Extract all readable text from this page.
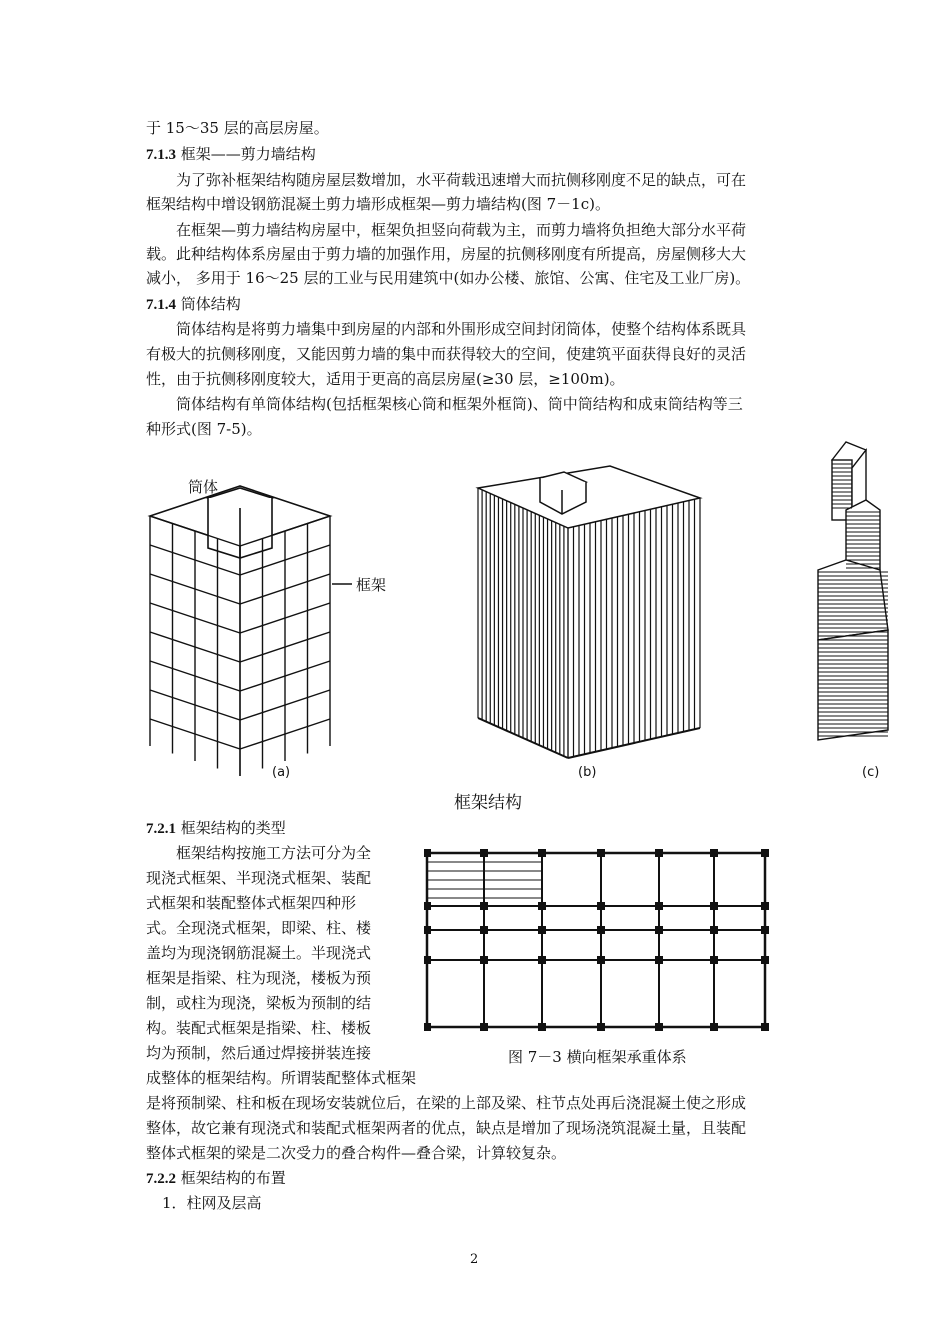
于 15～35 层的高层房屋。
7.1.3 框架——剪力墙结构
为了弥补框架结构随房屋层数增加，水平荷载迅速增大而抗侧移刚度不足的缺点，可在
框架结构中增设钢筋混凝土剪力墙形成框架—剪力墙结构(图 7－1c)。
在框架—剪力墙结构房屋中，框架负担竖向荷载为主，而剪力墙将负担绝大部分水平荷
载。此种结构体系房屋由于剪力墙的加强作用，房屋的抗侧移刚度有所提高，房屋侧移大大
减小， 多用于 16～25 层的工业与民用建筑中(如办公楼、旅馆、公寓、住宅及工业厂房)。
7.1.4 筒体结构
筒体结构是将剪力墙集中到房屋的内部和外围形成空间封闭筒体，使整个结构体系既具
有极大的抗侧移刚度，又能因剪力墙的集中而获得较大的空间，使建筑平面获得良好的灵活
性，由于抗侧移刚度较大，适用于更高的高层房屋(≥30 层，≥100m)。
筒体结构有单筒体结构(包括框架核心筒和框架外框筒)、筒中筒结构和成束筒结构等三
种形式(图 7-5)。
筒体
框架
(a)	(b)	(c)
框架结构
7.2.1 框架结构的类型
框架结构按施工方法可分为全
现浇式框架、半现浇式框架、装配
式框架和装配整体式框架四种形
式。全现浇式框架，即梁、柱、楼
盖均为现浇钢筋混凝土。半现浇式
框架是指梁、柱为现浇，楼板为预
制，或柱为现浇，梁板为预制的结
构。装配式框架是指梁、柱、楼板
均为预制，然后通过焊接拼装连接
成整体的框架结构。所谓装配整体式框架
是将预制梁、柱和板在现场安装就位后，在梁的上部及梁、柱节点处再后浇混凝土使之形成
整体，故它兼有现浇式和装配式框架两者的优点，缺点是增加了现场浇筑混凝土量，且装配
整体式框架的梁是二次受力的叠合构件—叠合梁，计算较复杂。
图 7－3 横向框架承重体系
7.2.2 框架结构的布置
1．柱网及层高
2
